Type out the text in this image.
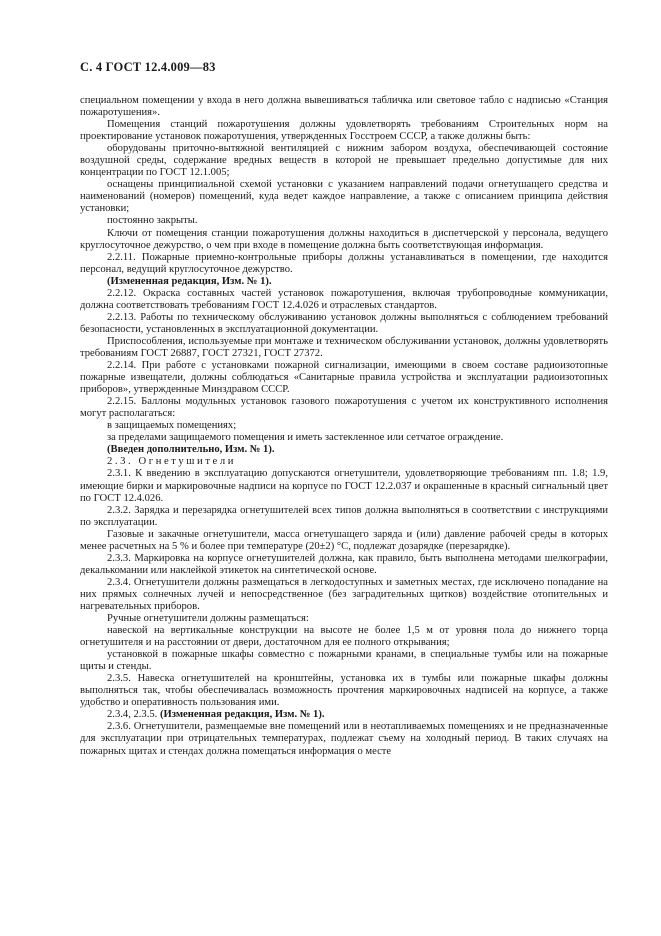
С. 4 ГОСТ 12.4.009—83

специальном помещении у входа в него должна вывешиваться табличка или световое табло с надписью «Станция пожаротушения».

Помещения станций пожаротушения должны удовлетворять требованиям Строительных норм на проектирование установок пожаротушения, утвержденных Госстроем СССР, а также должны быть:

оборудованы приточно-вытяжной вентиляцией с нижним забором воздуха, обеспечивающей состояние воздушной среды, содержание вредных веществ в которой не превышает предельно допустимые для них концентрации по ГОСТ 12.1.005;

оснащены принципиальной схемой установки с указанием направлений подачи огнетушащего средства и наименований (номеров) помещений, куда ведет каждое направление, а также с описанием принципа действия установки;

постоянно закрыты.

Ключи от помещения станции пожаротушения должны находиться в диспетчерской у персонала, ведущего круглосуточное дежурство, о чем при входе в помещение должна быть соответствующая информация.

2.2.11. Пожарные приемно-контрольные приборы должны устанавливаться в помещении, где находится персонал, ведущий круглосуточное дежурство.

(Измененная редакция, Изм. № 1).

2.2.12. Окраска составных частей установок пожаротушения, включая трубопроводные коммуникации, должна соответствовать требованиям ГОСТ 12.4.026 и отраслевых стандартов.

2.2.13. Работы по техническому обслуживанию установок должны выполняться с соблюдением требований безопасности, установленных в эксплуатационной документации.

Приспособления, используемые при монтаже и техническом обслуживании установок, должны удовлетворять требованиям ГОСТ 26887, ГОСТ 27321, ГОСТ 27372.

2.2.14. При работе с установками пожарной сигнализации, имеющими в своем составе радиоизотопные пожарные извещатели, должны соблюдаться «Санитарные правила устройства и эксплуатации радиоизотопных приборов», утвержденные Минздравом СССР.

2.2.15. Баллоны модульных установок газового пожаротушения с учетом их конструктивного исполнения могут располагаться:

в защищаемых помещениях;

за пределами защищаемого помещения и иметь застекленное или сетчатое ограждение.

(Введен дополнительно, Изм. № 1).

2.3. Огнетушители

2.3.1. К введению в эксплуатацию допускаются огнетушители, удовлетворяющие требованиям пп. 1.8; 1.9, имеющие бирки и маркировочные надписи на корпусе по ГОСТ 12.2.037 и окрашенные в красный сигнальный цвет по ГОСТ 12.4.026.

2.3.2. Зарядка и перезарядка огнетушителей всех типов должна выполняться в соответствии с инструкциями по эксплуатации.

Газовые и закачные огнетушители, масса огнетушащего заряда и (или) давление рабочей среды в которых менее расчетных на 5 % и более при температуре (20±2) °С, подлежат дозарядке (перезарядке).

2.3.3. Маркировка на корпусе огнетушителей должна, как правило, быть выполнена методами шелкографии, декалькомании или наклейкой этикеток на синтетической основе.

2.3.4. Огнетушители должны размещаться в легкодоступных и заметных местах, где исключено попадание на них прямых солнечных лучей и непосредственное (без заградительных щитков) воздействие отопительных и нагревательных приборов.

Ручные огнетушители должны размещаться:

навеской на вертикальные конструкции на высоте не более 1,5 м от уровня пола до нижнего торца огнетушителя и на расстоянии от двери, достаточном для ее полного открывания;

установкой в пожарные шкафы совместно с пожарными кранами, в специальные тумбы или на пожарные щиты и стенды.

2.3.5. Навеска огнетушителей на кронштейны, установка их в тумбы или пожарные шкафы должны выполняться так, чтобы обеспечивалась возможность прочтения маркировочных надписей на корпусе, а также удобство и оперативность пользования ими.

2.3.4, 2.3.5. (Измененная редакция, Изм. № 1).

2.3.6. Огнетушители, размещаемые вне помещений или в неотапливаемых помещениях и не предназначенные для эксплуатации при отрицательных температурах, подлежат съему на холодный период. В таких случаях на пожарных щитах и стендах должна помещаться информация о месте
